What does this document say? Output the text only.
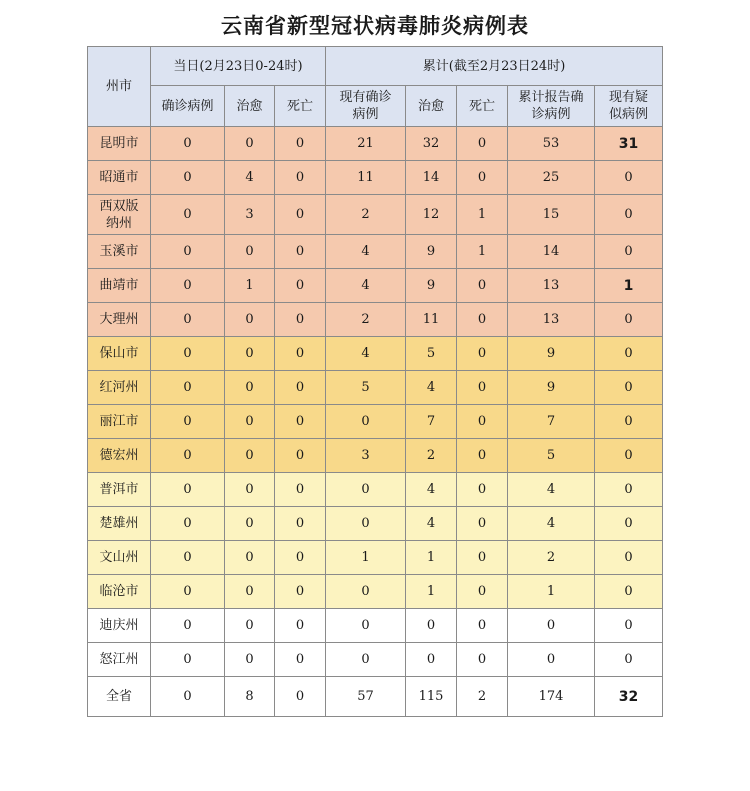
云南省新型冠状病毒肺炎病例表
州市	当日(2月23日0-24时)			累计(截至2月23日24时)				
	确诊病例	治愈	死亡	现有确诊病例	治愈	死亡	累计报告确诊病例	现有疑似病例
昆明市	0	0	0	21	32	0	53	31
昭通市	0	4	0	11	14	0	25	0
西双版纳州	0	3	0	2	12	1	15	0
玉溪市	0	0	0	4	9	1	14	0
曲靖市	0	1	0	4	9	0	13	1
大理州	0	0	0	2	11	0	13	0
保山市	0	0	0	4	5	0	9	0
红河州	0	0	0	5	4	0	9	0
丽江市	0	0	0	0	7	0	7	0
德宏州	0	0	0	3	2	0	5	0
普洱市	0	0	0	0	4	0	4	0
楚雄州	0	0	0	0	4	0	4	0
文山州	0	0	0	1	1	0	2	0
临沧市	0	0	0	0	1	0	1	0
迪庆州	0	0	0	0	0	0	0	0
怒江州	0	0	0	0	0	0	0	0
全省	0	8	0	57	115	2	174	32
